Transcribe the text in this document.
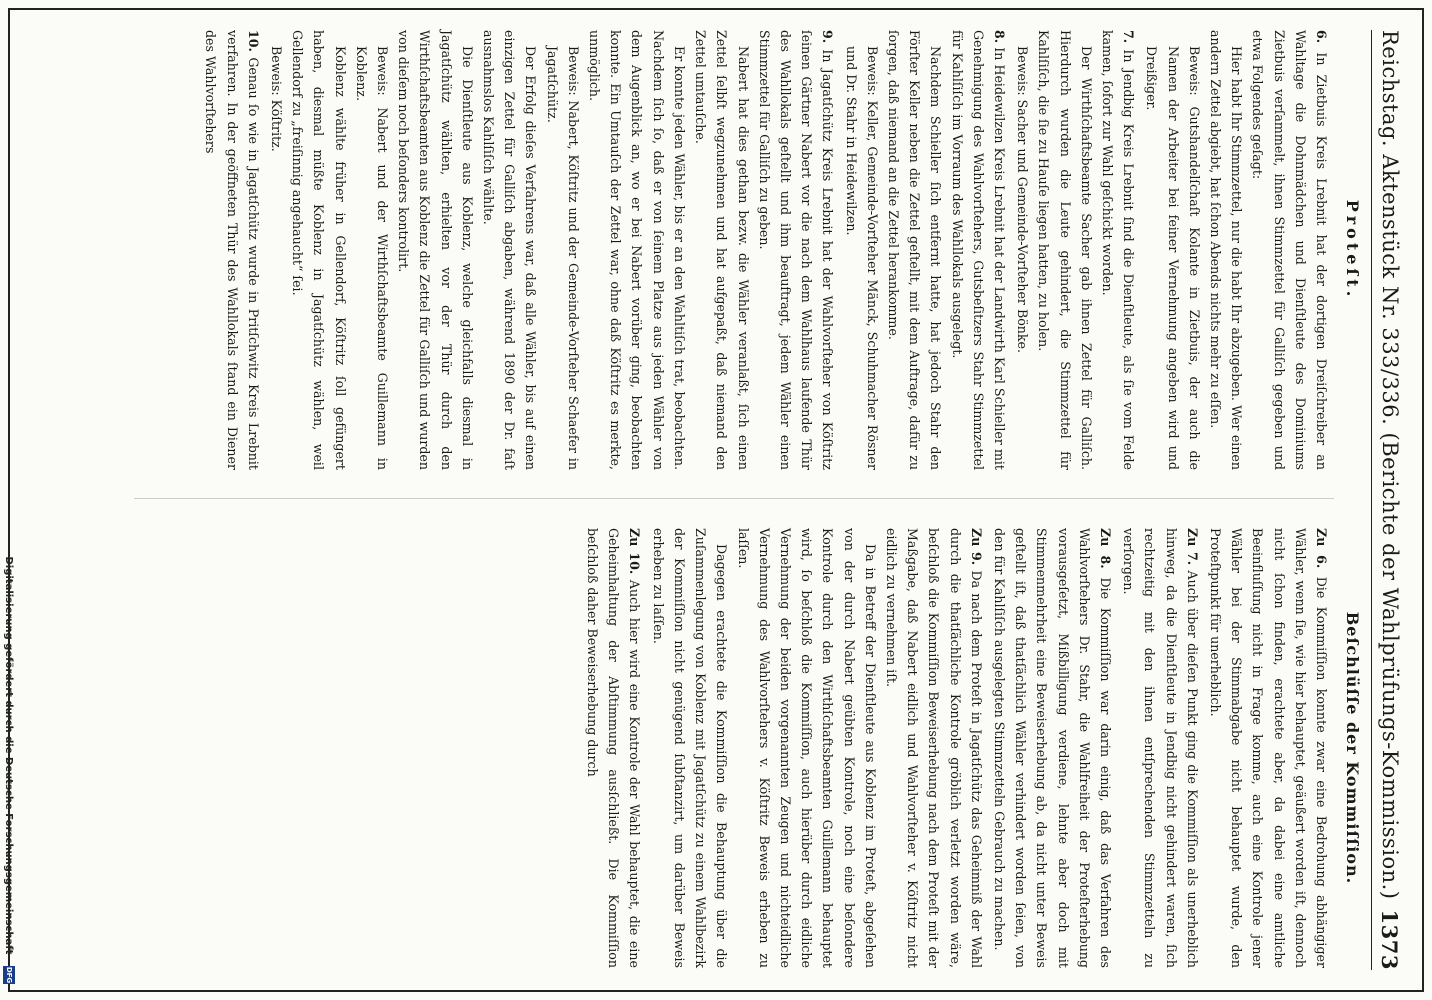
Reichstag. Aktenstück Nr. 333/336. (Berichte der Wahlprüfungs-Kommission.)
1373
Proteſt.
Beſchlüſſe der Kommiſſion.

6. In Zietbuis Kreis Lrebnit hat der dortigen Dreiſchreiber an Wahltage die Dohnmädchen und Dienſtleute des Dominiums Zietbuis verſammelt, ihnen Stimmzettel für Galliſch gegeben und etwa Folgendes geſagt:

Hier habt Ihr Stimmzettel, nur die habt Ihr abzugeben. Wer einen andern Zettel abgiebt, hat ſchon Abends nichts mehr zu eſſen.

Beweis: Gutshandelſchaſt Kolante in Zietbuis, der auch die Namen der Arbeiter bei feiner Vernehmung angeben wird und Dreißiger.

7. In Jendbig Kreis Lrebnit ſind die Dienſtleute, als ſie vom Felde kamen, ſofort zur Wahl geſchickt worden.

Der Wirthſchaftsbeamte Sacher gab ihnen Zettel für Galliſch. Hierdurch wurden die Leute gehindert, die Stimmzettel für Kahlſiſch, die ſie zu Hauſe liegen hatten, zu holen.

Beweis: Sacher und Gemeinde-Vorſteher Bönke.

8. In Heidewilzen Kreis Lrebnit hat der Landwirth Karl Schieller mit Genehmigung des Wahlvorſtehers, Gutsbeſitzers Stahr Stimmzettel für Kahlſiſch im Vorraum des Wahllokals ausgelegt.

Nachdem Schieller ſich entfernt hatte, hat jedoch Stahr den Förſter Keller neben die Zettel geſtellt, mit dem Auftrage, dafür zu ſorgen, daß niemand an die Zettel herankomme.

Beweis: Keller, Gemeinde-Vorſteher Mänck, Schuhmacher Rösner und Dr. Stahr in Heidewilzen.

9. In Jagatſchütz Kreis Lrebnit hat der Wahlvorſteher von Köſtritz ſeinen Gärtner Nabert vor die nach dem Wahlhaus laufende Thür des Wahllokals geſtellt und ihm beauftragt, jedem Wähler einen Stimmzettel für Galliſch zu geben.

Nabert hat dies gethan bezw. die Wähler veranlaßt, ſich einen Zettel ſelbſt wegzunehmen und hat aufgepaßt, daß niemand den Zettel umtauſche.

Er konnte jeden Wähler, bis er an den Wahltiſch trat, beobachten. Nachdem ſich ſo, daß er von ſeinem Platze aus jeden Wähler von dem Augenblick an, wo er bei Nabert vorüber ging, beobachten konnte. Ein Umtauſch der Zettel war, ohne daß Köſtritz es merkte, unmöglich.

Beweis: Nabert, Köſtritz und der Gemeinde-Vorſteher Schaefer in Jagatſchütz.

Der Erfolg dieſes Verfahrens war, daß alle Wähler, bis auf einen einzigen Zettel für Galliſch abgaben, während 1890 der Dr. faſt ausnahmslos Kahlſiſch wählte.

Die Dienſtleute aus Koblenz, welche gleichfalls diesmal in Jagatſchütz wählten, erhielten vor der Thür durch den Wirthſchaftsbeamten aus Koblenz die Zettel für Galliſch und wurden von dieſem noch beſonders kontrolirt.

Beweis: Nabert und der Wirthſchaftsbeamte Guillemann in Koblenz.

Koblenz wählte früher in Gellendorf, Köſtritz ſoll gefüngert haben, diesmal müßte Koblenz in Jagatſchütz wählen, weil Gellendorf zu „freiſinnig angehaucht“ ſei.

Beweis: Köſtritz.

10. Genau ſo wie in Jagatſchütz wurde in Pritſchwitz Kreis Lrebnit verfahren. In der geöffneten Thür des Wahllokals ſtand ein Diener des Wahlvorſtehers

Zu 6. Die Kommiſſion konnte zwar eine Bedrohung abhängiger Wähler, wenn ſie, wie hier behauptet, geäußert worden iſt, dennoch nicht ſchon finden, erachtete aber, da dabei eine amtliche Beeinfluſſung nicht in Frage komme, auch eine Kontrole jener Wähler bei der Stimmabgabe nicht behauptet wurde, den Proteſtpunkt für unerheblich.

Zu 7. Auch über dieſen Punkt ging die Kommiſſion als unerheblich hinweg, da die Dienſtleute in Jendbig nicht gehindert waren, ſich rechtzeitig mit den ihnen entſprechenden Stimmzetteln zu verſorgen.

Zu 8. Die Kommiſſion war darin einig, daß das Verfahren des Wahlvorſtehers Dr. Stahr, die Wahlfreiheit der Proteſterhebung vorausgeſetzt, Mißbilligung verdiene, lehnte aber doch mit Stimmenmehrheit eine Beweiserhebung ab, da nicht unter Beweis geſtellt iſt, daß thatſächlich Wähler verhindert worden ſeien, von den für Kahlſiſch ausgelegten Stimmzetteln Gebrauch zu machen.

Zu 9. Da nach dem Proteſt in Jagatſchütz das Geheimniß der Wahl durch die thatſächliche Kontrole gröblich verletzt worden wäre, beſchloß die Kommiſſion Beweiserhebung nach dem Proteſt mit der Maßgabe, daß Nabert eidlich und Wahlvorſteher v. Köſtritz nicht eidlich zu vernehmen iſt.

Da in Betreff der Dienſtleute aus Koblenz im Proteſt, abgeſehen von der durch Nabert geübten Kontrole, noch eine beſondere Kontrole durch den Wirthſchaftsbeamten Guillemann behauptet wird, ſo beſchloß die Kommiſſion, auch hierüber durch eidliche Vernehmung der beiden vorgenannten Zeugen und nichteidliche Vernehmung des Wahlvorſtehers v. Köſtritz Beweis erheben zu laſſen.

Dagegen erachtete die Kommiſſion die Behauptung über die Zuſammenlegung von Koblenz mit Jagatſchütz zu einem Wahlbezirk der Kommiſſion nicht genügend ſubſtanzirt, um darüber Beweis erheben zu laſſen.

Zu 10. Auch hier wird eine Kontrole der Wahl behauptet, die eine Geheimhaltung der Abſtimmung ausſchließt. Die Kommiſſion beſchloß daher Beweiserhebung durch

Digitalisierung gefördert durch die Deutsche Forschungsgemeinschaft -
DFG
